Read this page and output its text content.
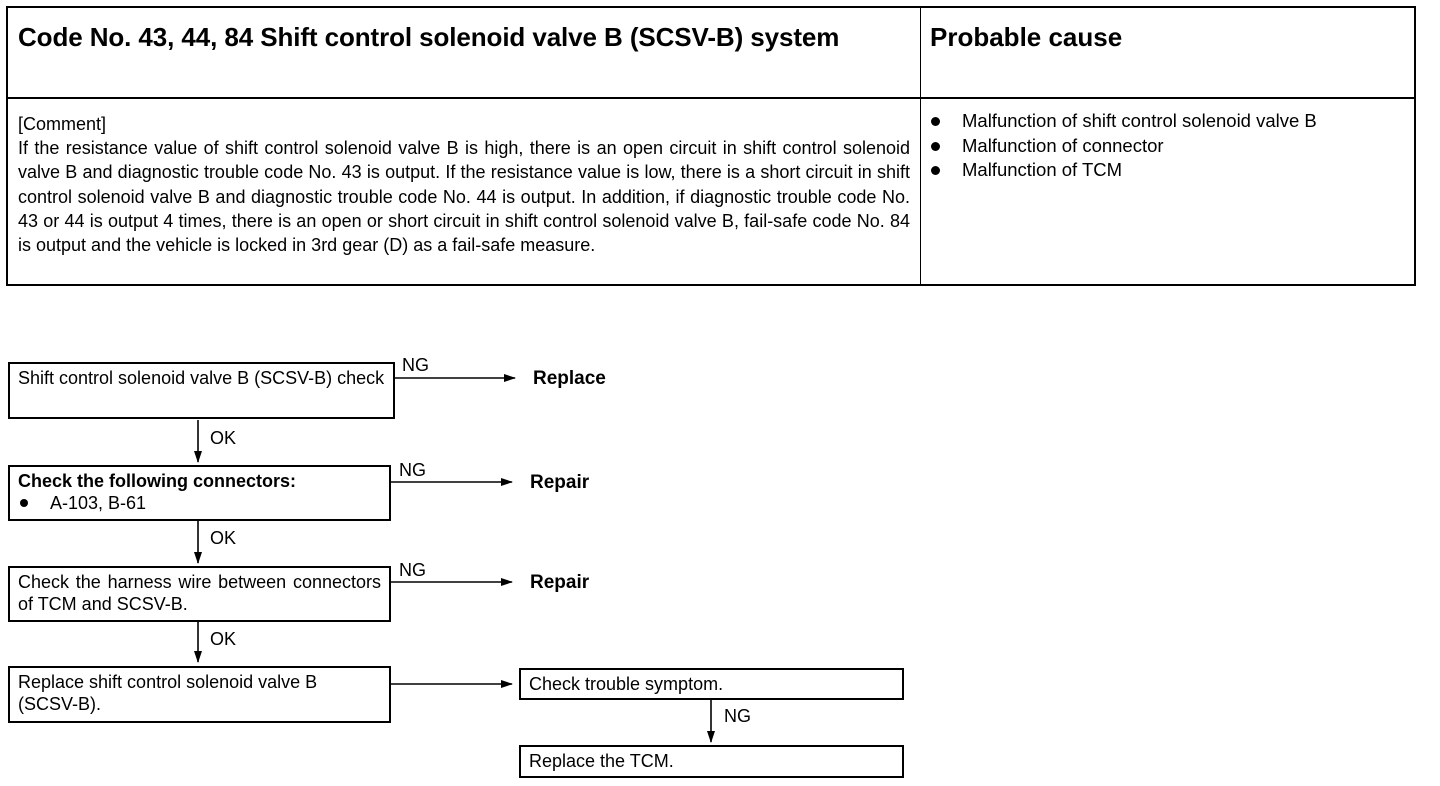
Code No. 43, 44, 84 Shift control solenoid valve B (SCSV-B) system	Probable cause
[Comment]
If the resistance value of shift control solenoid valve B is high, there is an open circuit in shift control solenoid valve B and diagnostic trouble code No. 43 is output. If the resistance value is low, there is a short circuit in shift control solenoid valve B and diagnostic trouble code No. 44 is output. In addition, if diagnostic trouble code No. 43 or 44 is output 4 times, there is an open or short circuit in shift control solenoid valve B, fail-safe code No. 84 is output and the vehicle is locked in 3rd gear (D) as a fail-safe measure.
Malfunction of shift control solenoid valve B
Malfunction of connector
Malfunction of TCM
Shift control solenoid valve B (SCSV-B) check
Check the following connectors:
A-103, B-61
Check the harness wire between connectors of TCM and SCSV-B.
Replace shift control solenoid valve B (SCSV-B).
Check trouble symptom.
Replace the TCM.
NG
NG
NG
NG
OK
OK
OK
Replace
Repair
Repair
